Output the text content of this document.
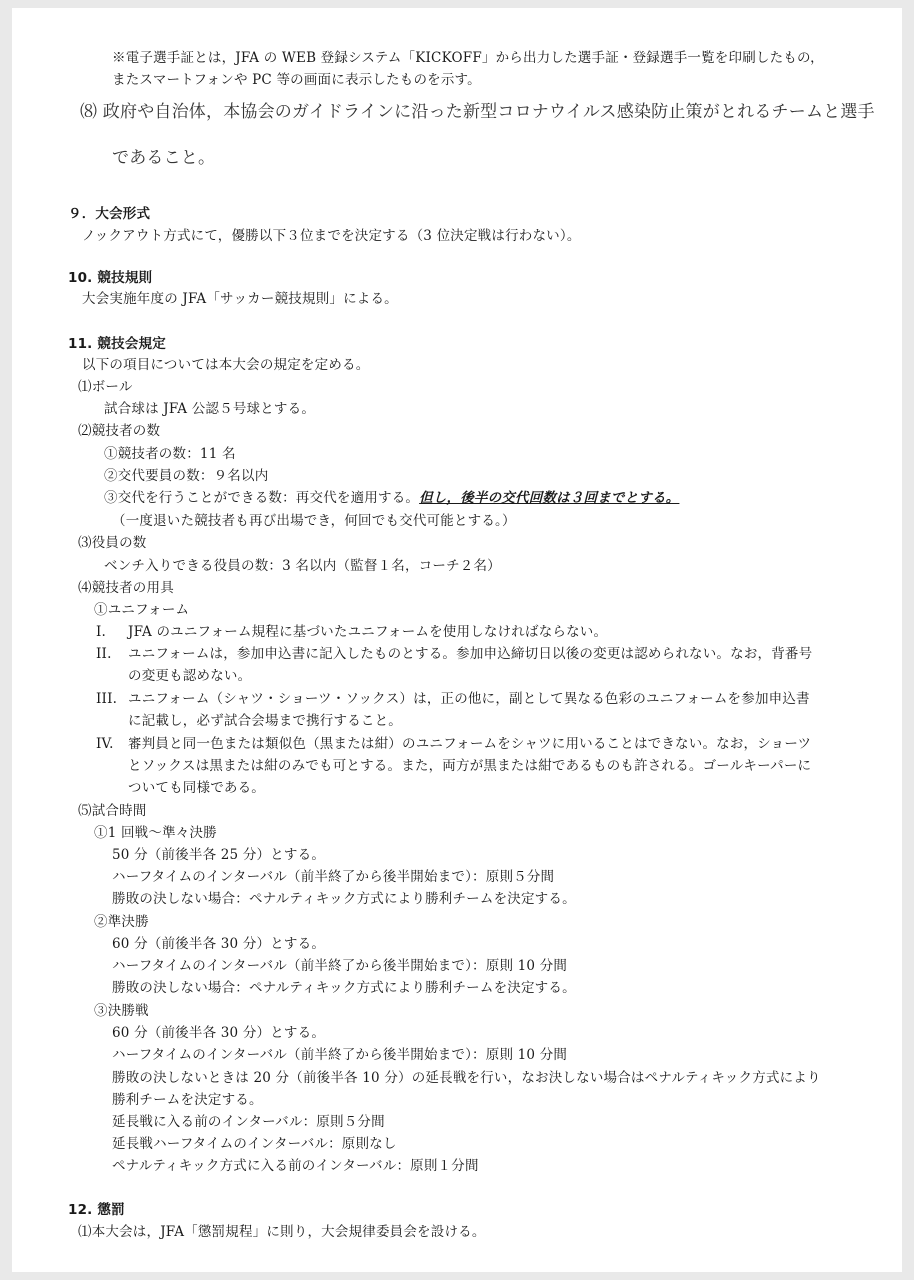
※電子選手証とは，JFA の WEB 登録システム「KICKOFF」から出力した選手証・登録選手一覧を印刷したもの，
またスマートフォンや PC 等の画面に表示したものを示す。
⑻ 政府や自治体，本協会のガイドラインに沿った新型コロナウイルス感染防止策がとれるチームと選手
であること。
９．大会形式
ノックアウト方式にて，優勝以下３位までを決定する（3 位決定戦は行わない）。
10. 競技規則
大会実施年度の JFA「サッカー競技規則」による。
11. 競技会規定
以下の項目については本大会の規定を定める。
⑴ボール
試合球は JFA 公認５号球とする。
⑵競技者の数
①競技者の数：11 名
②交代要員の数：９名以内
③交代を行うことができる数：再交代を適用する。但し，後半の交代回数は３回までとする。
（一度退いた競技者も再び出場でき，何回でも交代可能とする。）
⑶役員の数
ベンチ入りできる役員の数：3 名以内（監督１名，コーチ２名）
⑷競技者の用具
①ユニフォーム
I. JFA のユニフォーム規程に基づいたユニフォームを使用しなければならない。
II. ユニフォームは，参加申込書に記入したものとする。参加申込締切日以後の変更は認められない。なお，背番号
の変更も認めない。
III. ユニフォーム（シャツ・ショーツ・ソックス）は，正の他に，副として異なる色彩のユニフォームを参加申込書
に記載し，必ず試合会場まで携行すること。
IV. 審判員と同一色または類似色（黒または紺）のユニフォームをシャツに用いることはできない。なお，ショーツ
とソックスは黒または紺のみでも可とする。また，両方が黒または紺であるものも許される。ゴールキーパーに
ついても同様である。
⑸試合時間
①1 回戦～準々決勝
50 分（前後半各 25 分）とする。
ハーフタイムのインターバル（前半終了から後半開始まで）：原則５分間
勝敗の決しない場合：ペナルティキック方式により勝利チームを決定する。
②準決勝
60 分（前後半各 30 分）とする。
ハーフタイムのインターバル（前半終了から後半開始まで）：原則 10 分間
勝敗の決しない場合：ペナルティキック方式により勝利チームを決定する。
③決勝戦
60 分（前後半各 30 分）とする。
ハーフタイムのインターバル（前半終了から後半開始まで）：原則 10 分間
勝敗の決しないときは 20 分（前後半各 10 分）の延長戦を行い，なお決しない場合はペナルティキック方式により
勝利チームを決定する。
延長戦に入る前のインターバル：原則５分間
延長戦ハーフタイムのインターバル：原則なし
ペナルティキック方式に入る前のインターバル：原則１分間
12. 懲罰
⑴本大会は，JFA「懲罰規程」に則り，大会規律委員会を設ける。
